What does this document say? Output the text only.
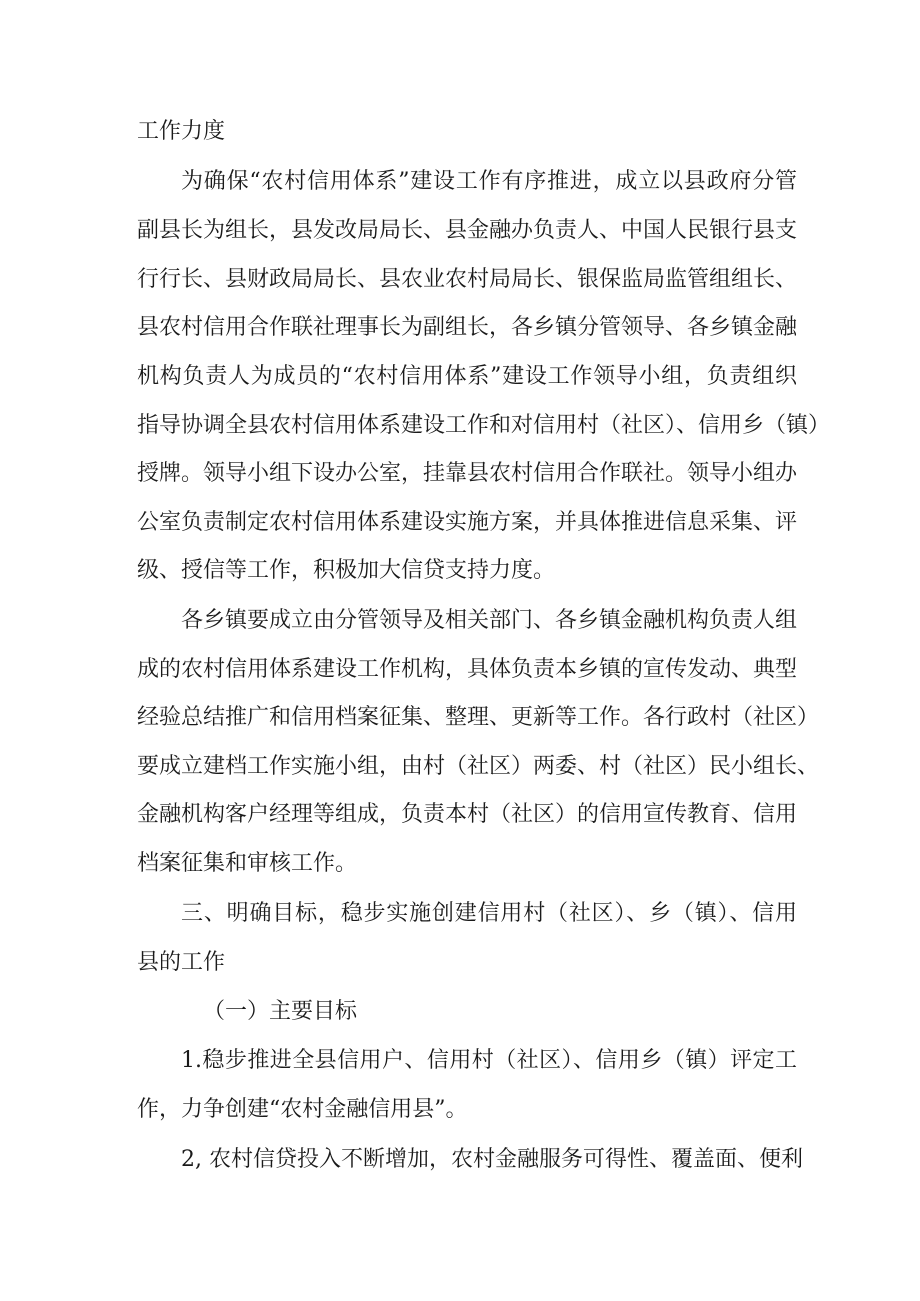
工作力度
为确保“农村信用体系”建设工作有序推进，成立以县政府分管
副县长为组长，县发改局局长、县金融办负责人、中国人民银行县支
行行长、县财政局局长、县农业农村局局长、银保监局监管组组长、
县农村信用合作联社理事长为副组长，各乡镇分管领导、各乡镇金融
机构负责人为成员的“农村信用体系”建设工作领导小组，负责组织
指导协调全县农村信用体系建设工作和对信用村（社区）、信用乡（镇）
授牌。领导小组下设办公室，挂靠县农村信用合作联社。领导小组办
公室负责制定农村信用体系建设实施方案，并具体推进信息采集、评
级、授信等工作，积极加大信贷支持力度。
各乡镇要成立由分管领导及相关部门、各乡镇金融机构负责人组
成的农村信用体系建设工作机构，具体负责本乡镇的宣传发动、典型
经验总结推广和信用档案征集、整理、更新等工作。各行政村（社区）
要成立建档工作实施小组，由村（社区）两委、村（社区）民小组长、
金融机构客户经理等组成，负责本村（社区）的信用宣传教育、信用
档案征集和审核工作。
三、明确目标，稳步实施创建信用村（社区）、乡（镇）、信用
县的工作
（一）主要目标
1.稳步推进全县信用户、信用村（社区）、信用乡（镇）评定工
作，力争创建“农村金融信用县”。
2, 农村信贷投入不断增加，农村金融服务可得性、覆盖面、便利
